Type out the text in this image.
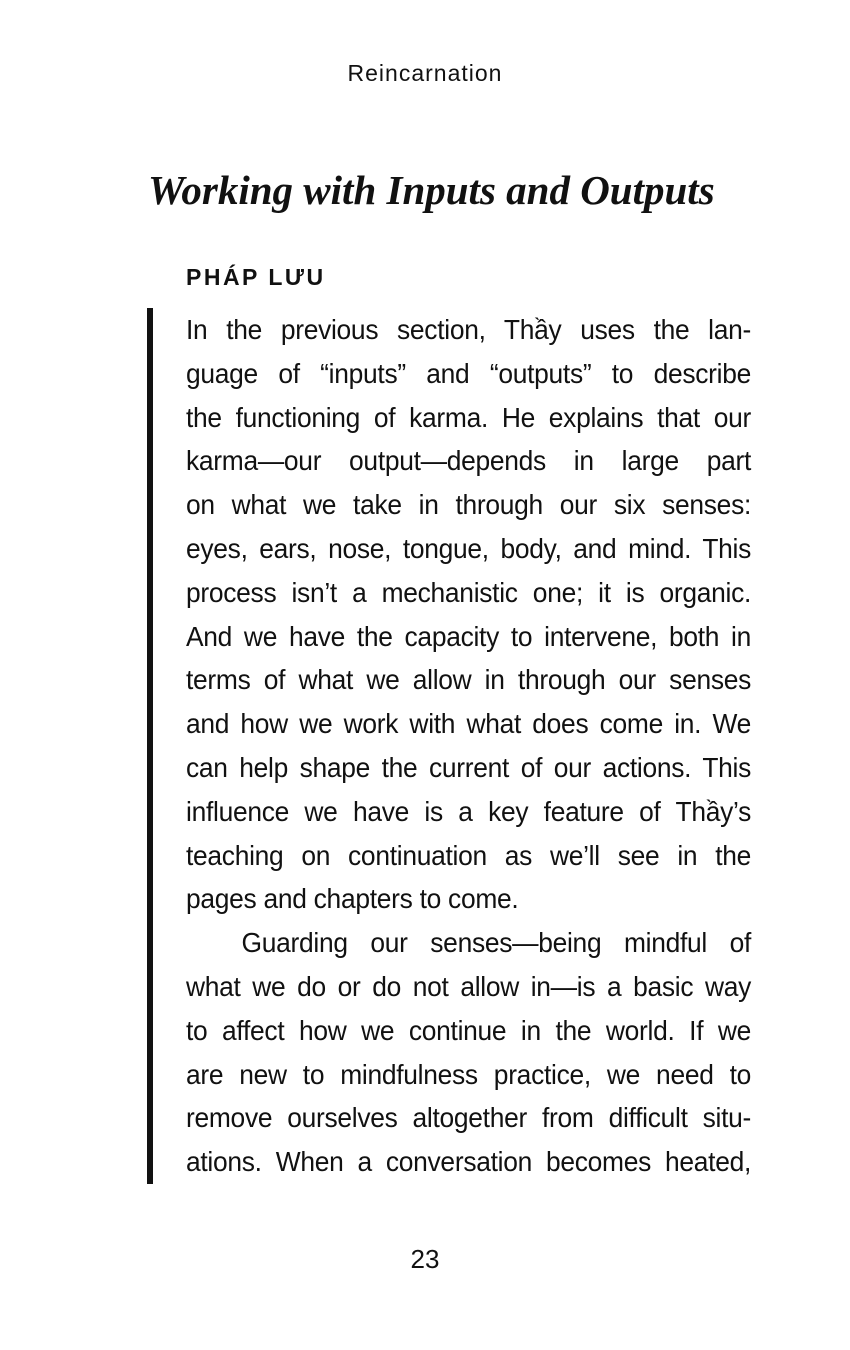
Reincarnation
Working with Inputs and Outputs
PHÁP LƯU
In the previous section, Thầy uses the lan-
guage of “inputs” and “outputs” to describe
the functioning of karma. He explains that our
karma—our output—depends in large part
on what we take in through our six senses:
eyes, ears, nose, tongue, body, and mind. This
process isn’t a mechanistic one; it is organic.
And we have the capacity to intervene, both in
terms of what we allow in through our senses
and how we work with what does come in. We
can help shape the current of our actions. This
influence we have is a key feature of Thầy’s
teaching on continuation as we’ll see in the
pages and chapters to come.
Guarding our senses—being mindful of
what we do or do not allow in—is a basic way
to affect how we continue in the world. If we
are new to mindfulness practice, we need to
remove ourselves altogether from difficult situ-
ations. When a conversation becomes heated,
23
